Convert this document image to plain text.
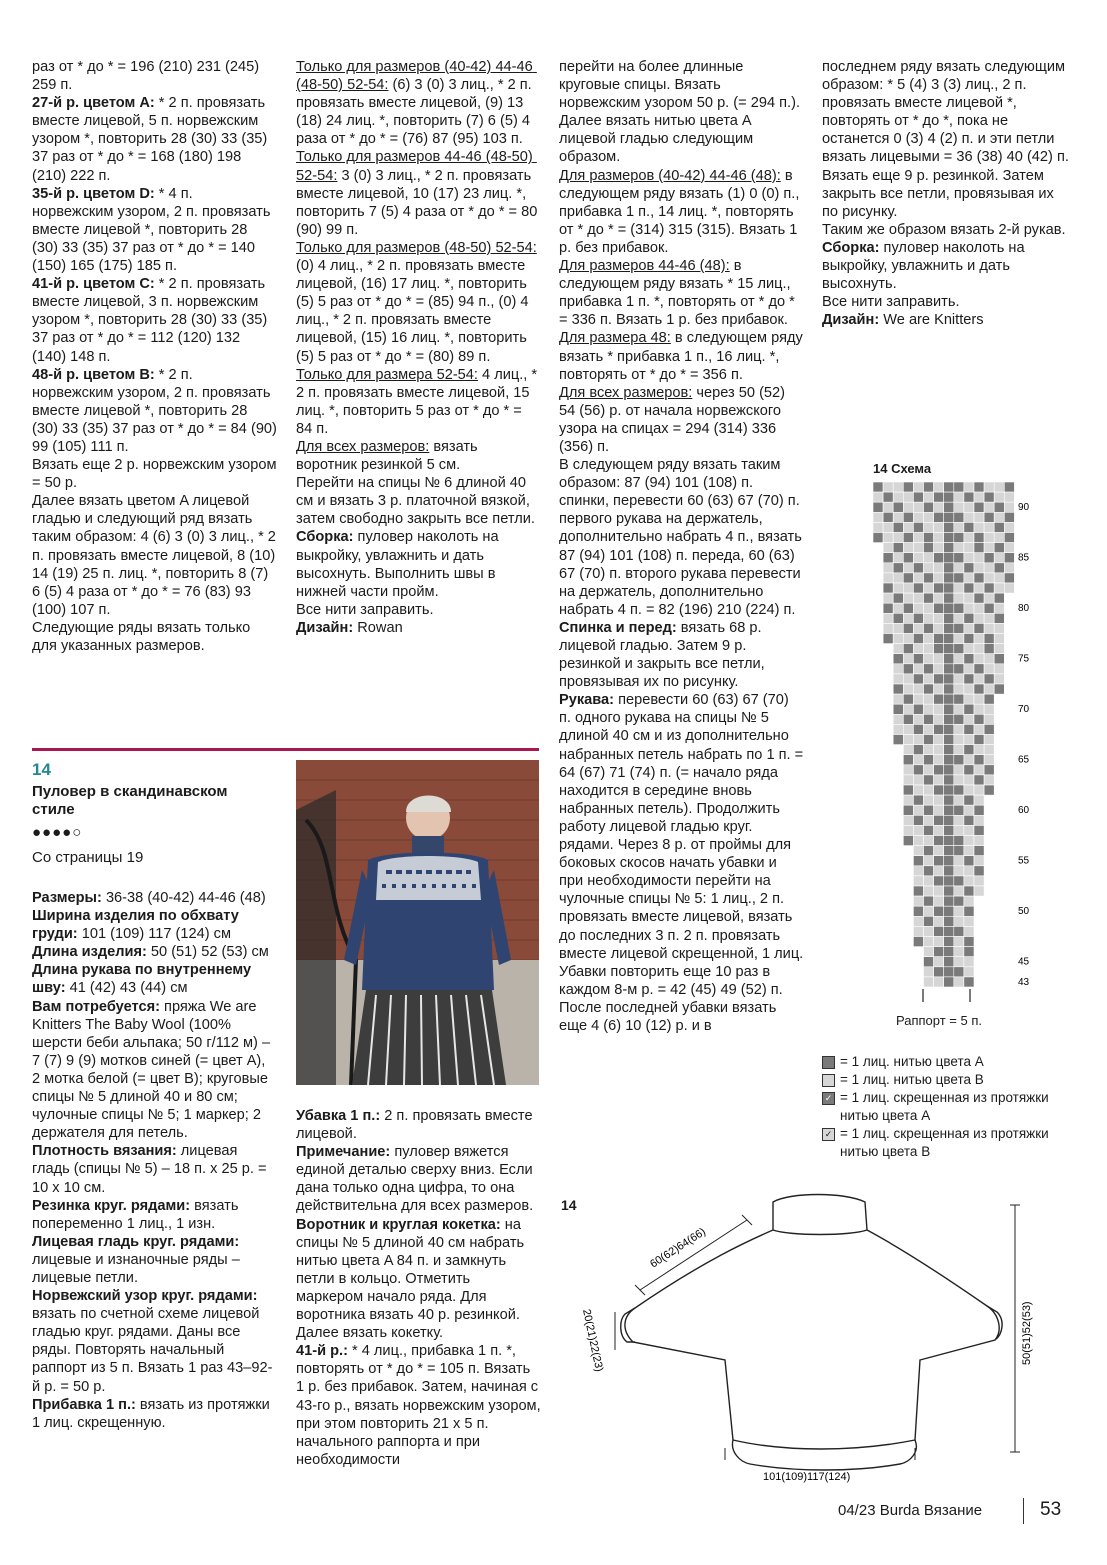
раз от * до * = 196 (210) 231 (245) 259 п.

27-й р. цветом A: * 2 п. провязать вместе лицевой, 5 п. норвежским узором *, повторить 28 (30) 33 (35) 37 раз от * до * = 168 (180) 198 (210) 222 п.

35-й р. цветом D: * 4 п. норвежским узором, 2 п. провязать вместе лицевой *, повторить 28 (30) 33 (35) 37 раз от * до * = 140 (150) 165 (175) 185 п.

41-й р. цветом C: * 2 п. провязать вместе лицевой, 3 п. норвежским узором *, повторить 28 (30) 33 (35) 37 раз от * до * = 112 (120) 132 (140) 148 п.

48-й р. цветом B: * 2 п. норвежским узором, 2 п. провязать вместе лицевой *, повторить 28 (30) 33 (35) 37 раз от * до * = 84 (90) 99 (105) 111 п.

Вязать еще 2 р. норвежским узором = 50 р.

Далее вязать цветом A лицевой гладью и следующий ряд вязать таким образом: 4 (6) 3 (0) 3 лиц., * 2 п. провязать вместе лицевой, 8 (10) 14 (19) 25 п. лиц. *, повторить 8 (7) 6 (5) 4 раза от * до * = 76 (83) 93 (100) 107 п.

Следующие ряды вязать только для указанных размеров.

Только для размеров (40-42) 44-46 (48-50) 52-54: (6) 3 (0) 3 лиц., * 2 п. провязать вместе лицевой, (9) 13 (18) 24 лиц. *, повторить (7) 6 (5) 4 раза от * до * = (76) 87 (95) 103 п.

Только для размеров 44-46 (48-50) 52-54: 3 (0) 3 лиц., * 2 п. провязать вместе лицевой, 10 (17) 23 лиц. *, повторить 7 (5) 4 раза от * до * = 80 (90) 99 п.

Только для размеров (48-50) 52-54: (0) 4 лиц., * 2 п. провязать вместе лицевой, (16) 17 лиц. *, повторить (5) 5 раз от * до * = (85) 94 п., (0) 4 лиц., * 2 п. провязать вместе лицевой, (15) 16 лиц. *, повторить (5) 5 раз от * до * = (80) 89 п.

Только для размера 52-54: 4 лиц., * 2 п. провязать вместе лицевой, 15 лиц. *, повторить 5 раз от * до * = 84 п.

Для всех размеров: вязать воротник резинкой 5 см.

Перейти на спицы № 6 длиной 40 см и вязать 3 р. платочной вязкой, затем свободно закрыть все петли.

Сборка: пуловер наколоть на выкройку, увлажнить и дать высохнуть. Выполнить швы в нижней части пройм.

Все нити заправить.

Дизайн: Rowan

перейти на более длинные круговые спицы. Вязать норвежским узором 50 р. (= 294 п.).

Далее вязать нитью цвета A лицевой гладью следующим образом.

Для размеров (40-42) 44-46 (48): в следующем ряду вязать (1) 0 (0) п., прибавка 1 п., 14 лиц. *, повторять от * до * = (314) 315 (315). Вязать 1 р. без прибавок.

Для размеров 44-46 (48): в следующем ряду вязать * 15 лиц., прибавка 1 п. *, повторять от * до * = 336 п. Вязать 1 р. без прибавок.

Для размера 48: в следующем ряду вязать * прибавка 1 п., 16 лиц. *, повторять от * до * = 356 п.

Для всех размеров: через 50 (52) 54 (56) р. от начала норвежского узора на спицах = 294 (314) 336 (356) п.

В следующем ряду вязать таким образом: 87 (94) 101 (108) п. спинки, перевести 60 (63) 67 (70) п. первого рукава на держатель, дополнительно набрать 4 п., вязать 87 (94) 101 (108) п. переда, 60 (63) 67 (70) п. второго рукава перевести на держатель, дополнительно набрать 4 п. = 82 (196) 210 (224) п.

Спинка и перед: вязать 68 р. лицевой гладью. Затем 9 р. резинкой и закрыть все петли, провязывая их по рисунку.

Рукава: перевести 60 (63) 67 (70) п. одного рукава на спицы № 5 длиной 40 см и из дополнительно набранных петель набрать по 1 п. = 64 (67) 71 (74) п. (= начало ряда находится в середине вновь набранных петель). Продолжить работу лицевой гладью круг. рядами. Через 8 р. от проймы для боковых скосов начать убавки и при необходимости перейти на чулочные спицы № 5: 1 лиц., 2 п. провязать вместе лицевой, вязать до последних 3 п. 2 п. провязать вместе лицевой скрещенной, 1 лиц. Убавки повторить еще 10 раз в каждом 8-м р. = 42 (45) 49 (52) п.

После последней убавки вязать еще 4 (6) 10 (12) р. и в

последнем ряду вязать следующим образом: * 5 (4) 3 (3) лиц., 2 п. провязать вместе лицевой *, повторять от * до *, пока не останется 0 (3) 4 (2) п. и эти петли вязать лицевыми = 36 (38) 40 (42) п.

Вязать еще 9 р. резинкой. Затем закрыть все петли, провязывая их по рисунку.

Таким же образом вязать 2-й рукав.

Сборка: пуловер наколоть на выкройку, увлажнить и дать высохнуть.

Все нити заправить.

Дизайн: We are Knitters

14
Пуловер в скандинавском стиле
●●●●○
Со страницы 19

Размеры: 36-38 (40-42) 44-46 (48)

Ширина изделия по обхвату груди: 101 (109) 117 (124) см

Длина изделия: 50 (51) 52 (53) см

Длина рукава по внутреннему шву: 41 (42) 43 (44) см

Вам потребуется: пряжа We are Knitters The Baby Wool (100% шерсти беби альпака; 50 г/112 м) – 7 (7) 9 (9) мотков синей (= цвет A), 2 мотка белой (= цвет B); круговые спицы № 5 длиной 40 и 80 см; чулочные спицы № 5; 1 маркер; 2 держателя для петель.

Плотность вязания: лицевая гладь (спицы № 5) – 18 п. x 25 р. = 10 x 10 см.

Резинка круг. рядами: вязать попеременно 1 лиц., 1 изн.

Лицевая гладь круг. рядами: лицевые и изнаночные ряды – лицевые петли.

Норвежский узор круг. рядами: вязать по счетной схеме лицевой гладью круг. рядами. Даны все ряды. Повторять начальный раппорт из 5 п. Вязать 1 раз 43–92-й р. = 50 р.

Прибавка 1 п.: вязать из протяжки 1 лиц. скрещенную.

Убавка 1 п.: 2 п. провязать вместе лицевой.

Примечание: пуловер вяжется единой деталью сверху вниз. Если дана только одна цифра, то она действительна для всех размеров.

Воротник и круглая кокетка: на спицы № 5 длиной 40 см набрать нитью цвета A 84 п. и замкнуть петли в кольцо. Отметить маркером начало ряда. Для воротника вязать 40 р. резинкой. Далее вязать кокетку.

41-й р.: * 4 лиц., прибавка 1 п. *, повторять от * до * = 105 п. Вязать 1 р. без прибавок. Затем, начиная с 43-го р., вязать норвежским узором, при этом повторить 21 x 5 п. начального раппорта и при необходимости

14 Схема
90
85
80
75
70
65
60
55
50
45
43
Раппорт = 5 п.
= 1 лиц. нитью цвета A
= 1 лиц. нитью цвета B
✓ = 1 лиц. скрещенная из протяжки нитью цвета A
✓ = 1 лиц. скрещенная из протяжки нитью цвета B
14
60(62)64(66)
20(21)22(23)	50(51)52(53)
101(109)117(124)
04/23 Burda Вязание	53
